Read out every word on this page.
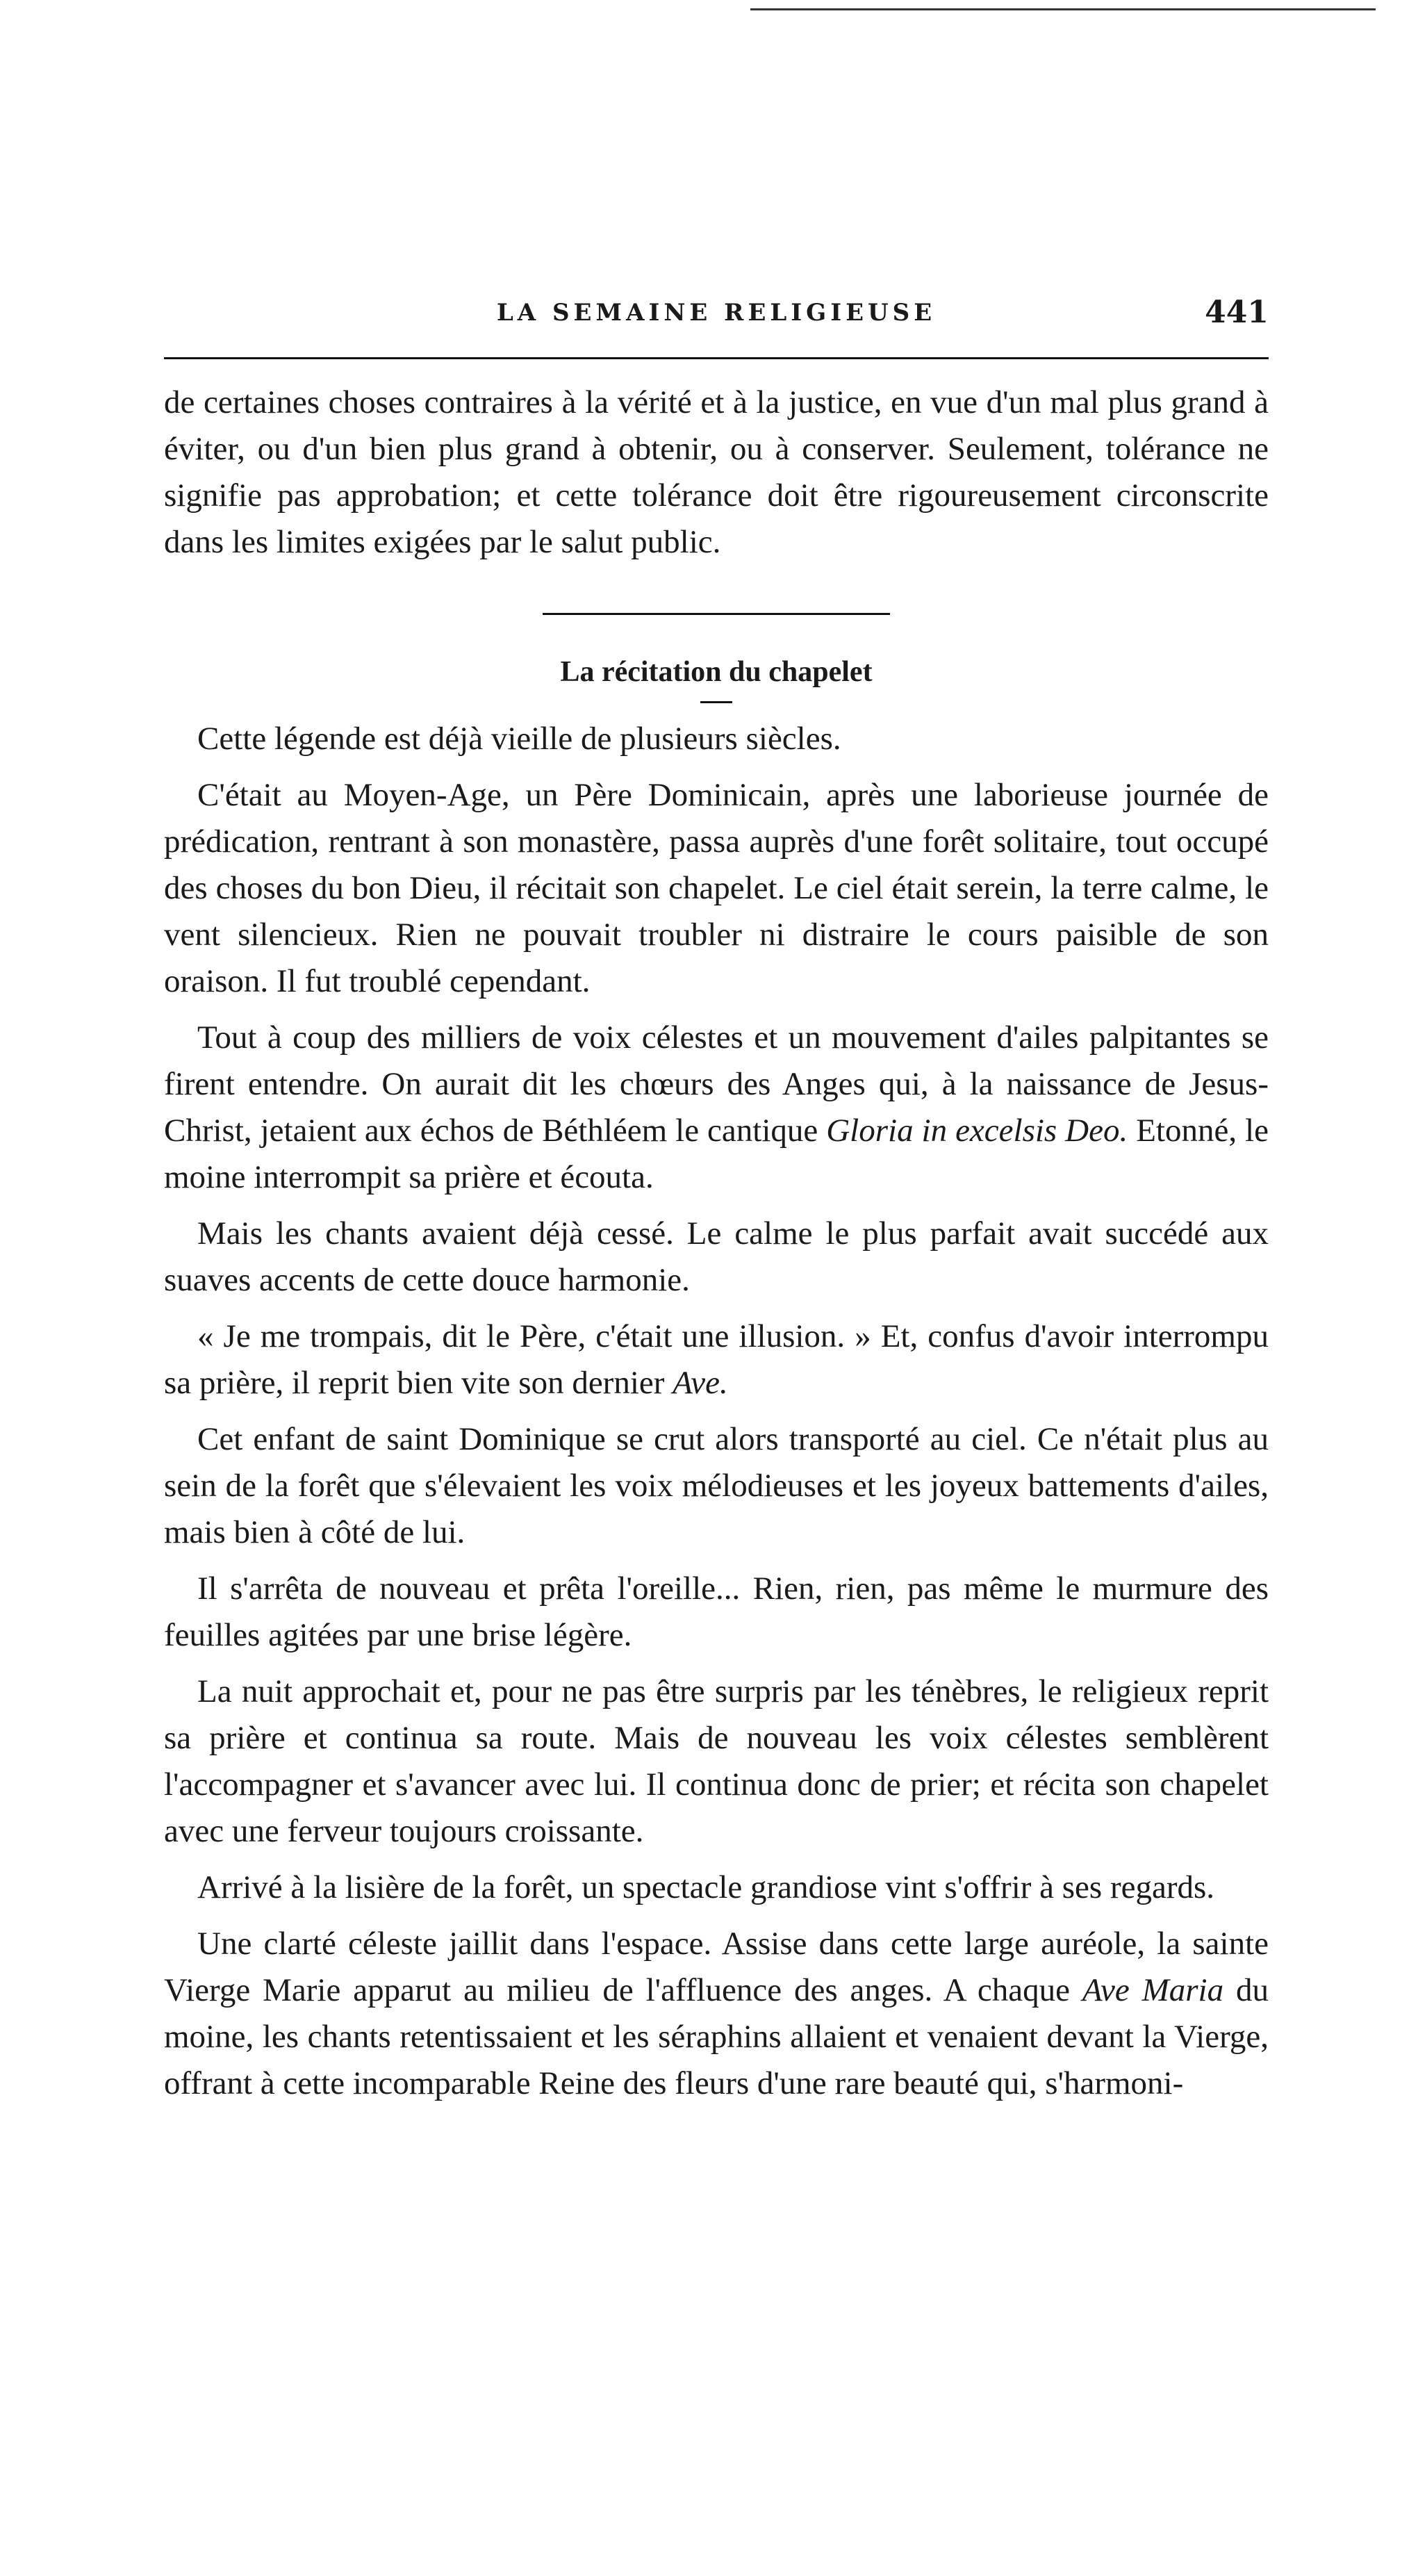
LA SEMAINE RELIGIEUSE	441

de certaines choses contraires à la vérité et à la justice, en vue d'un mal plus grand à éviter, ou d'un bien plus grand à obtenir, ou à conserver. Seulement, tolérance ne signifie pas approbation; et cette tolérance doit être rigoureusement circonscrite dans les limites exigées par le salut public.

La récitation du chapelet

Cette légende est déjà vieille de plusieurs siècles.

C'était au Moyen-Age, un Père Dominicain, après une laborieuse journée de prédication, rentrant à son monastère, passa auprès d'une forêt solitaire, tout occupé des choses du bon Dieu, il récitait son chapelet. Le ciel était serein, la terre calme, le vent silencieux. Rien ne pouvait troubler ni distraire le cours paisible de son oraison. Il fut troublé cependant.

Tout à coup des milliers de voix célestes et un mouvement d'ailes palpitantes se firent entendre. On aurait dit les chœurs des Anges qui, à la naissance de Jesus-Christ, jetaient aux échos de Béthléem le cantique Gloria in excelsis Deo. Etonné, le moine interrompit sa prière et écouta.

Mais les chants avaient déjà cessé. Le calme le plus parfait avait succédé aux suaves accents de cette douce harmonie.

« Je me trompais, dit le Père, c'était une illusion. » Et, confus d'avoir interrompu sa prière, il reprit bien vite son dernier Ave.

Cet enfant de saint Dominique se crut alors transporté au ciel. Ce n'était plus au sein de la forêt que s'élevaient les voix mélodieuses et les joyeux battements d'ailes, mais bien à côté de lui.

Il s'arrêta de nouveau et prêta l'oreille... Rien, rien, pas même le murmure des feuilles agitées par une brise légère.

La nuit approchait et, pour ne pas être surpris par les ténèbres, le religieux reprit sa prière et continua sa route. Mais de nouveau les voix célestes semblèrent l'accompagner et s'avancer avec lui. Il continua donc de prier; et récita son chapelet avec une ferveur toujours croissante.

Arrivé à la lisière de la forêt, un spectacle grandiose vint s'offrir à ses regards.

Une clarté céleste jaillit dans l'espace. Assise dans cette large auréole, la sainte Vierge Marie apparut au milieu de l'affluence des anges. A chaque Ave Maria du moine, les chants retentissaient et les séraphins allaient et venaient devant la Vierge, offrant à cette incomparable Reine des fleurs d'une rare beauté qui, s'harmoni-
